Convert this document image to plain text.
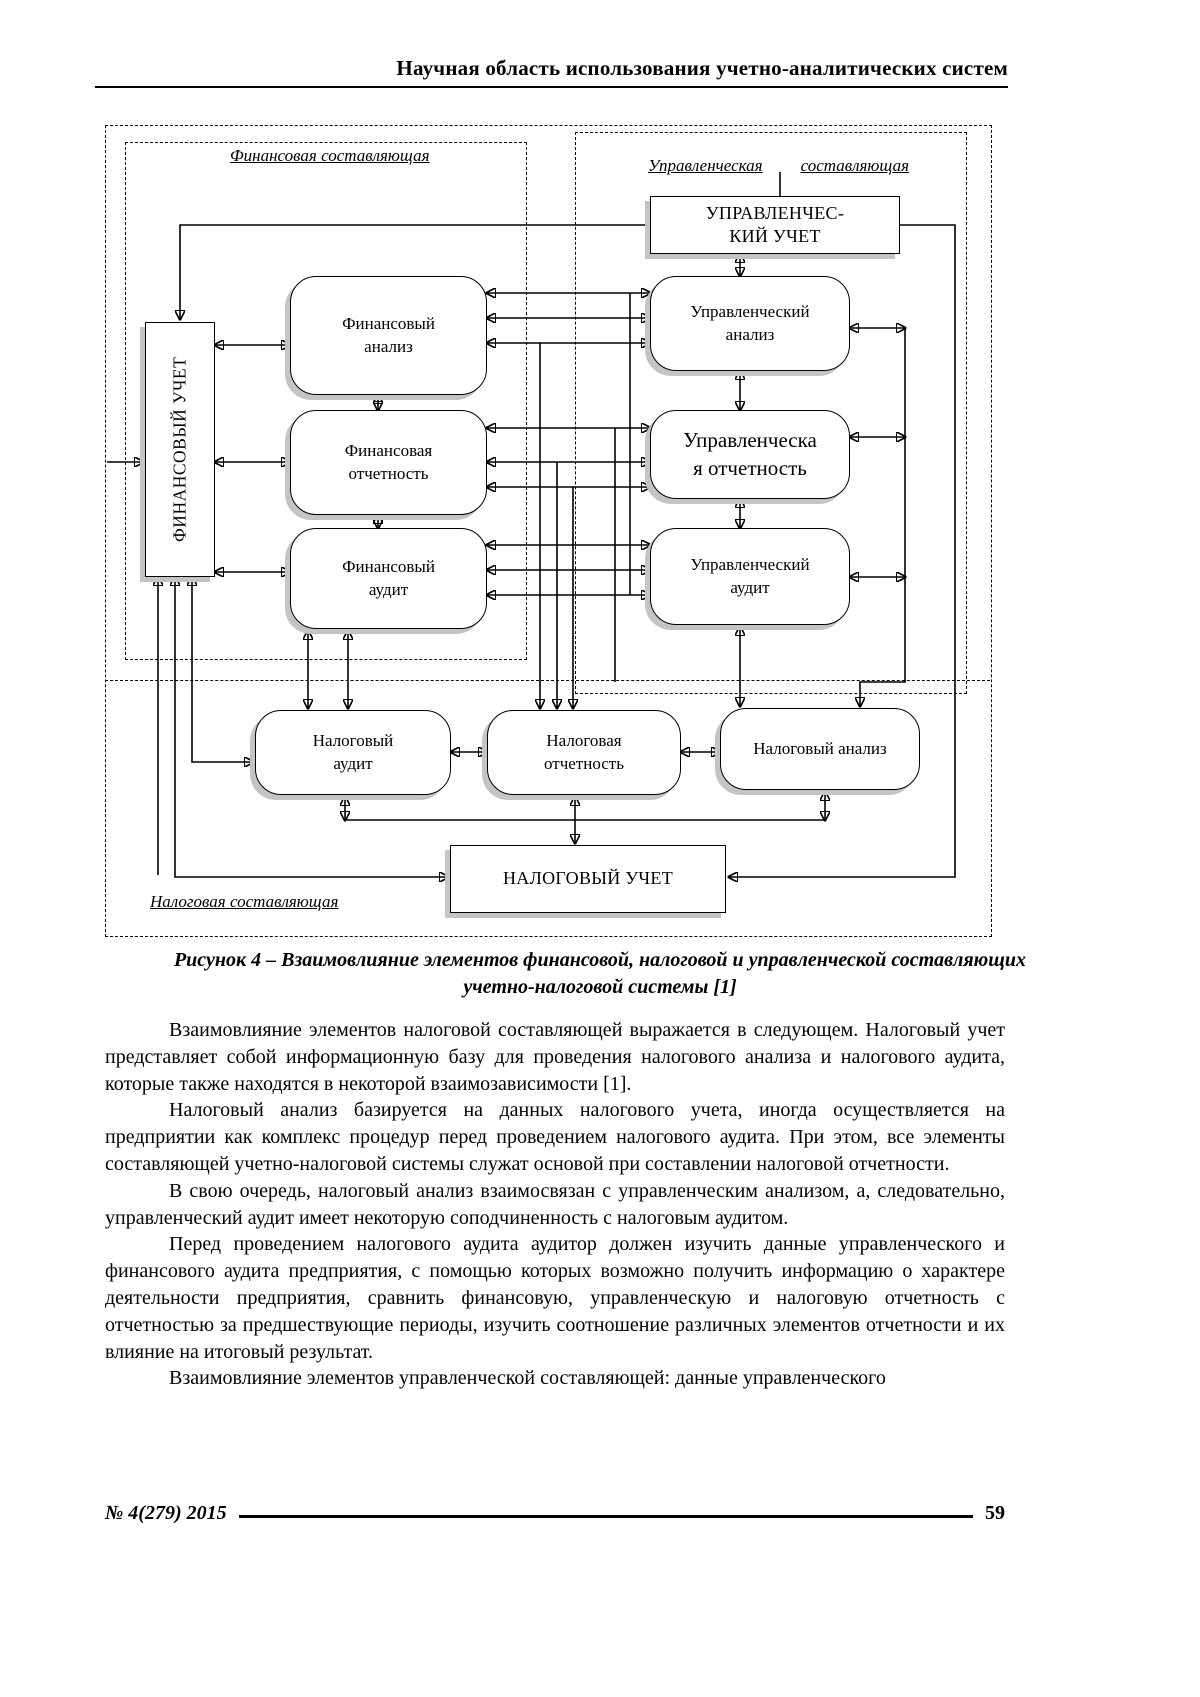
Научная область использования учетно-аналитических систем
Финансовая составляющая
Управленческая составляющая
Налоговая составляющая
ФИНАНСОВЫЙ УЧЕТ
Финансовый
анализ
Финансовая
отчетность
Финансовый
аудит
УПРАВЛЕНЧЕС-
КИЙ УЧЕТ
Управленческий
анализ
Управленческа
я отчетность
Управленческий
аудит
Налоговый
аудит
Налоговая
отчетность
Налоговый анализ
НАЛОГОВЫЙ УЧЕТ
Рисунок 4 – Взаимовлияние элементов финансовой, налоговой и управленческой составляющих
учетно-налоговой системы [1]

Взаимовлияние элементов налоговой составляющей выражается в следующем. Налоговый учет представляет собой информационную базу для проведения налогового анализа и налогового аудита, которые также находятся в некоторой взаимозависимости [1].

Налоговый анализ базируется на данных налогового учета, иногда осуществляется на предприятии как комплекс процедур перед проведением налогового аудита. При этом, все элементы составляющей учетно-налоговой системы служат основой при составлении налоговой отчетности.

В свою очередь, налоговый анализ взаимосвязан с управленческим анализом, а, следовательно, управленческий аудит имеет некоторую соподчиненность с налоговым аудитом.

Перед проведением налогового аудита аудитор должен изучить данные управленческого и финансового аудита предприятия, с помощью которых возможно получить информацию о характере деятельности предприятия, сравнить финансовую, управленческую и налоговую отчетность с отчетностью за предшествующие периоды, изучить соотношение различных элементов отчетности и их влияние на итоговый результат.

Взаимовлияние элементов управленческой составляющей: данные управленческого

№ 4(279) 2015	59
